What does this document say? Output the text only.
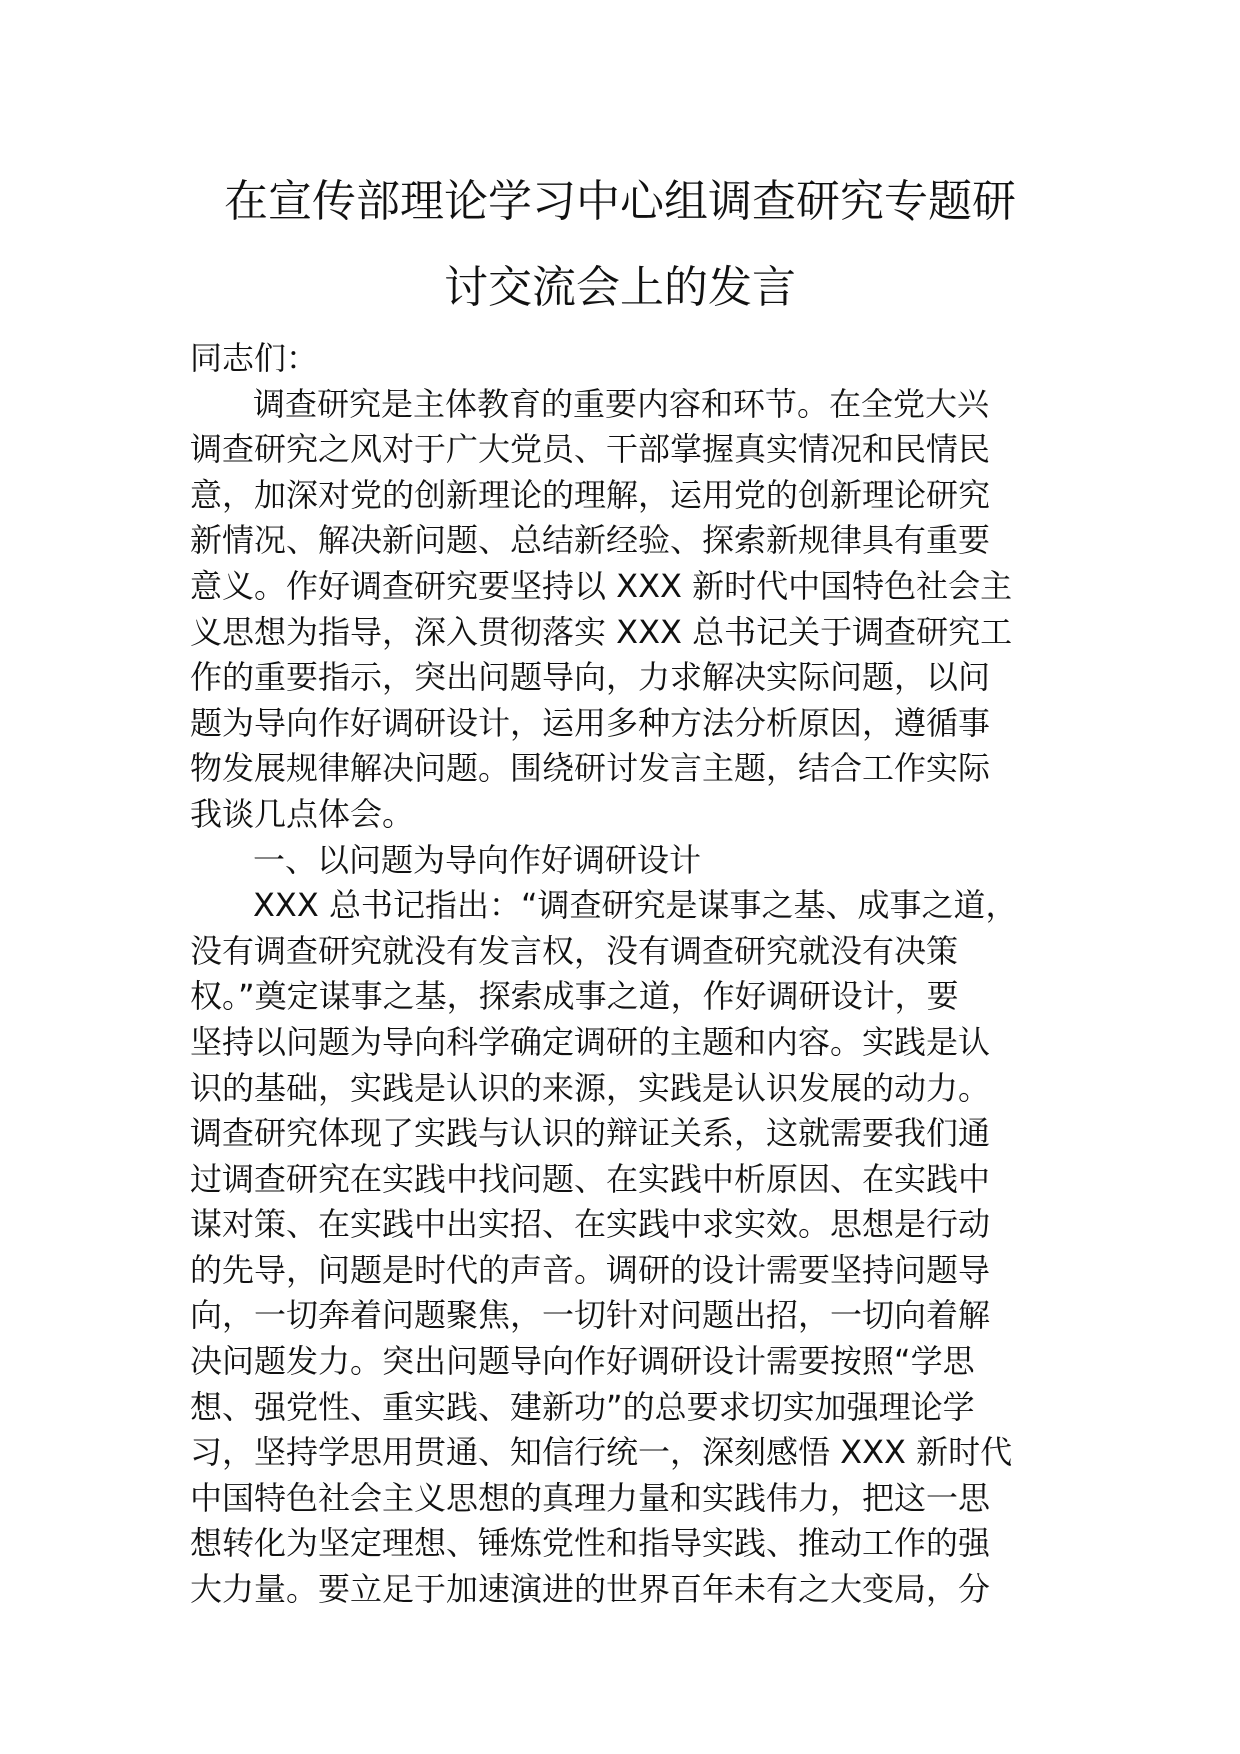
在宣传部理论学习中心组调查研究专题研
讨交流会上的发言
同志们：
调查研究是主体教育的重要内容和环节。在全党大兴
调查研究之风对于广大党员、干部掌握真实情况和民情民
意，加深对党的创新理论的理解，运用党的创新理论研究
新情况、解决新问题、总结新经验、探索新规律具有重要
意义。作好调查研究要坚持以 XXX 新时代中国特色社会主
义思想为指导，深入贯彻落实 XXX 总书记关于调查研究工
作的重要指示，突出问题导向，力求解决实际问题，以问
题为导向作好调研设计，运用多种方法分析原因，遵循事
物发展规律解决问题。围绕研讨发言主题，结合工作实际
我谈几点体会。
一、以问题为导向作好调研设计
XXX 总书记指出：“调查研究是谋事之基、成事之道，
没有调查研究就没有发言权，没有调查研究就没有决策
权。”奠定谋事之基，探索成事之道，作好调研设计，要
坚持以问题为导向科学确定调研的主题和内容。实践是认
识的基础，实践是认识的来源，实践是认识发展的动力。
调查研究体现了实践与认识的辩证关系，这就需要我们通
过调查研究在实践中找问题、在实践中析原因、在实践中
谋对策、在实践中出实招、在实践中求实效。思想是行动
的先导，问题是时代的声音。调研的设计需要坚持问题导
向，一切奔着问题聚焦，一切针对问题出招，一切向着解
决问题发力。突出问题导向作好调研设计需要按照“学思
想、强党性、重实践、建新功”的总要求切实加强理论学
习，坚持学思用贯通、知信行统一，深刻感悟 XXX 新时代
中国特色社会主义思想的真理力量和实践伟力，把这一思
想转化为坚定理想、锤炼党性和指导实践、推动工作的强
大力量。要立足于加速演进的世界百年未有之大变局，分
